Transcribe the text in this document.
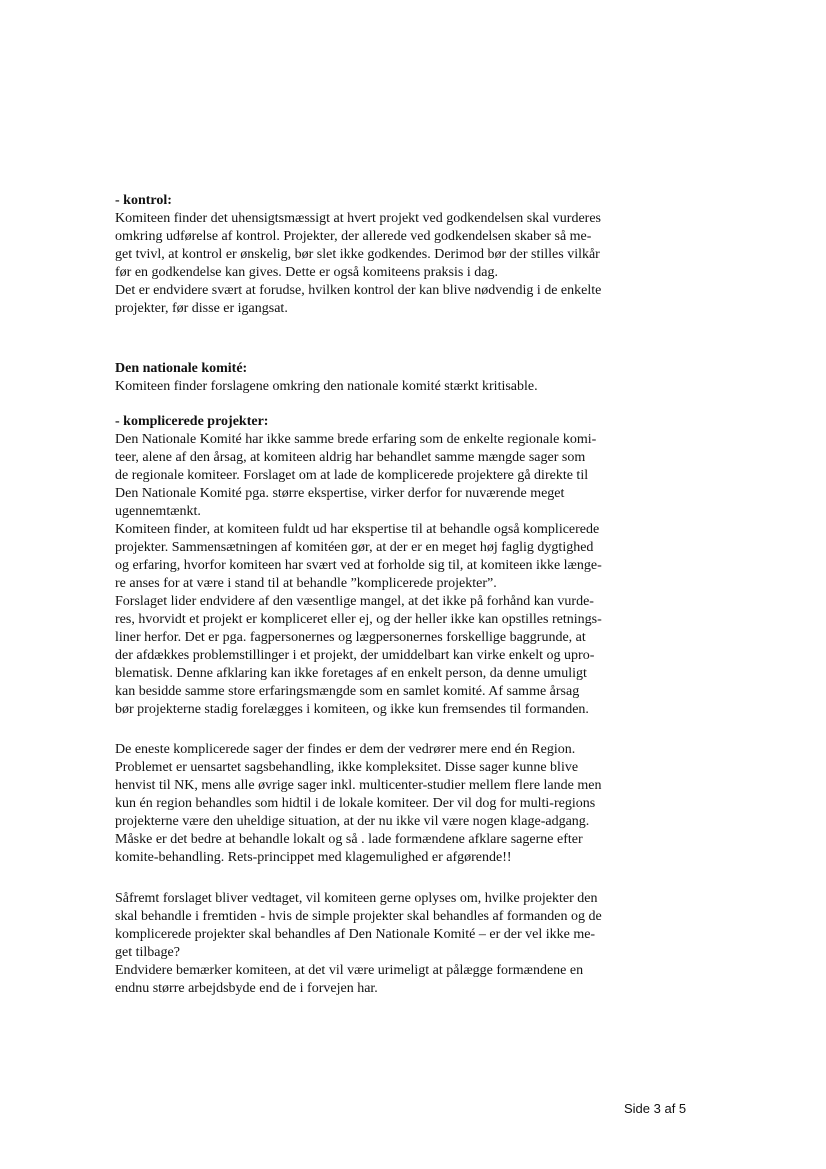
- kontrol:
Komiteen finder det uhensigtsmæssigt at hvert projekt ved godkendelsen skal vurderes
omkring udførelse af kontrol. Projekter, der allerede ved godkendelsen skaber så me-
get tvivl, at kontrol er ønskelig, bør slet ikke godkendes. Derimod bør der stilles vilkår
før en godkendelse kan gives. Dette er også komiteens praksis i dag.
Det er endvidere svært at forudse, hvilken kontrol der kan blive nødvendig i de enkelte
projekter, før disse er igangsat.
Den nationale komité:
Komiteen finder forslagene omkring den nationale komité stærkt kritisable.
- komplicerede projekter:
Den Nationale Komité har ikke samme brede erfaring som de enkelte regionale komi-
teer, alene af den årsag, at komiteen aldrig har behandlet samme mængde sager som
de regionale komiteer. Forslaget om at lade de komplicerede projektere gå direkte til
Den Nationale Komité pga. større ekspertise, virker derfor for nuværende meget
ugennemtænkt.
Komiteen finder, at komiteen fuldt ud har ekspertise til at behandle også komplicerede
projekter. Sammensætningen af komitéen gør, at der er en meget høj faglig dygtighed
og erfaring, hvorfor komiteen har svært ved at forholde sig til, at komiteen ikke længe-
re anses for at være i stand til at behandle ”komplicerede projekter”.
Forslaget lider endvidere af den væsentlige mangel, at det ikke på forhånd kan vurde-
res, hvorvidt et projekt er kompliceret eller ej, og der heller ikke kan opstilles retnings-
liner herfor. Det er pga. fagpersonernes og lægpersonernes forskellige baggrunde, at
der afdækkes problemstillinger i et projekt, der umiddelbart kan virke enkelt og upro-
blematisk. Denne afklaring kan ikke foretages af en enkelt person, da denne umuligt
kan besidde samme store erfaringsmængde som en samlet komité. Af samme årsag
bør projekterne stadig forelægges i komiteen, og ikke kun fremsendes til formanden.
De eneste komplicerede sager der findes er dem der vedrører mere end én Region.
Problemet er uensartet sagsbehandling, ikke kompleksitet. Disse sager kunne blive
henvist til NK, mens alle øvrige sager inkl. multicenter-studier mellem flere lande men
kun én region behandles som hidtil i de lokale komiteer. Der vil dog for multi-regions
projekterne være den uheldige situation, at der nu ikke vil være nogen klage-adgang.
Måske er det bedre at behandle lokalt og så . lade formændene afklare sagerne efter
komite-behandling. Rets-princippet med klagemulighed er afgørende!!
Såfremt forslaget bliver vedtaget, vil komiteen gerne oplyses om, hvilke projekter den
skal behandle i fremtiden - hvis de simple projekter skal behandles af formanden og de
komplicerede projekter skal behandles af Den Nationale Komité – er der vel ikke me-
get tilbage?
Endvidere bemærker komiteen, at det vil være urimeligt at pålægge formændene en
endnu større arbejdsbyde end de i forvejen har.
Side 3 af 5
